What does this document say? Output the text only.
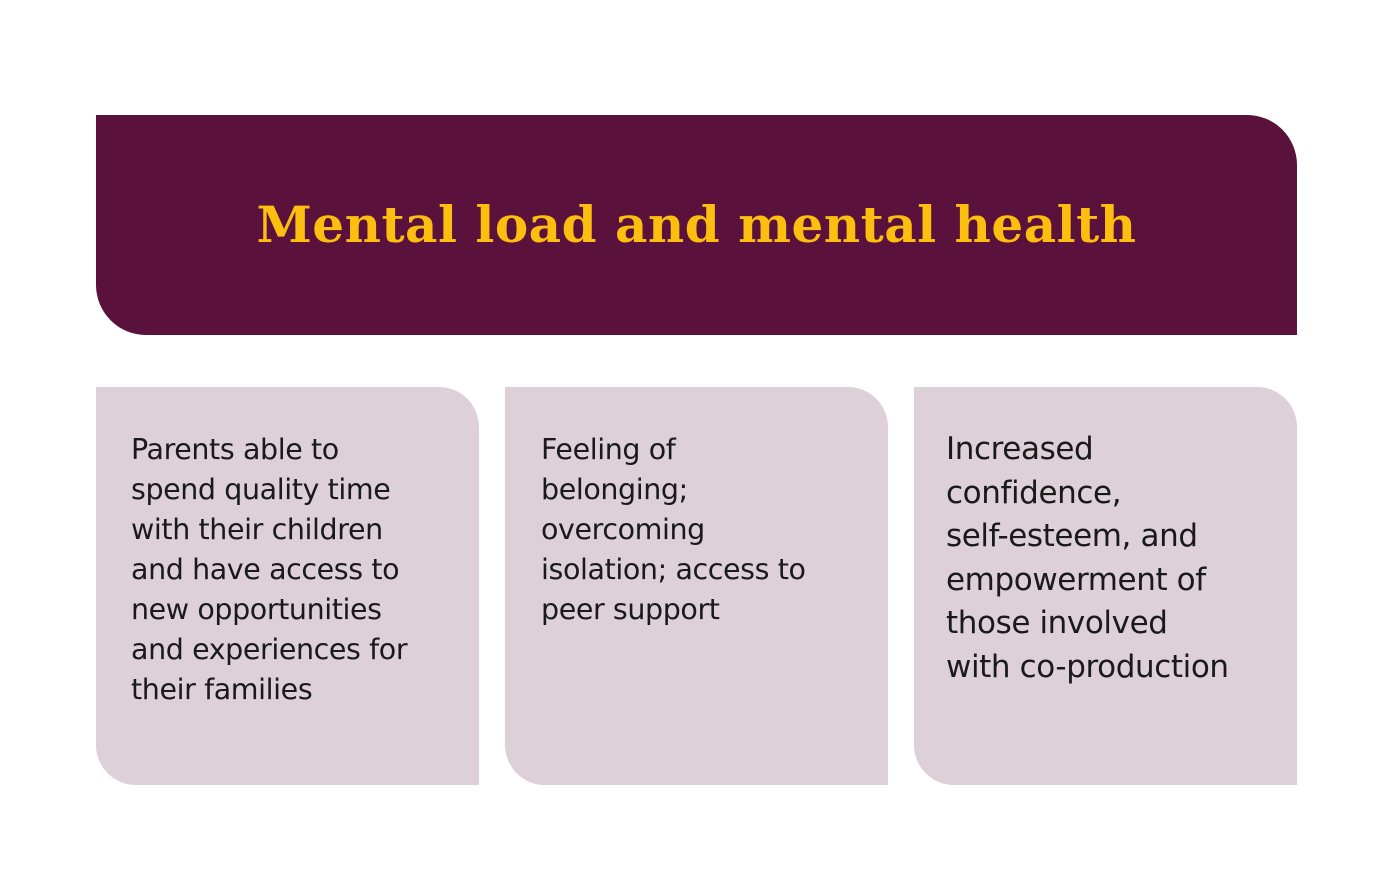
Mental load and mental health
Parents able to
spend quality time
with their children
and have access to
new opportunities
and experiences for
their families
Feeling of
belonging;
overcoming
isolation; access to
peer support
Increased
confidence,
self-esteem, and
empowerment of
those involved
with co-production
